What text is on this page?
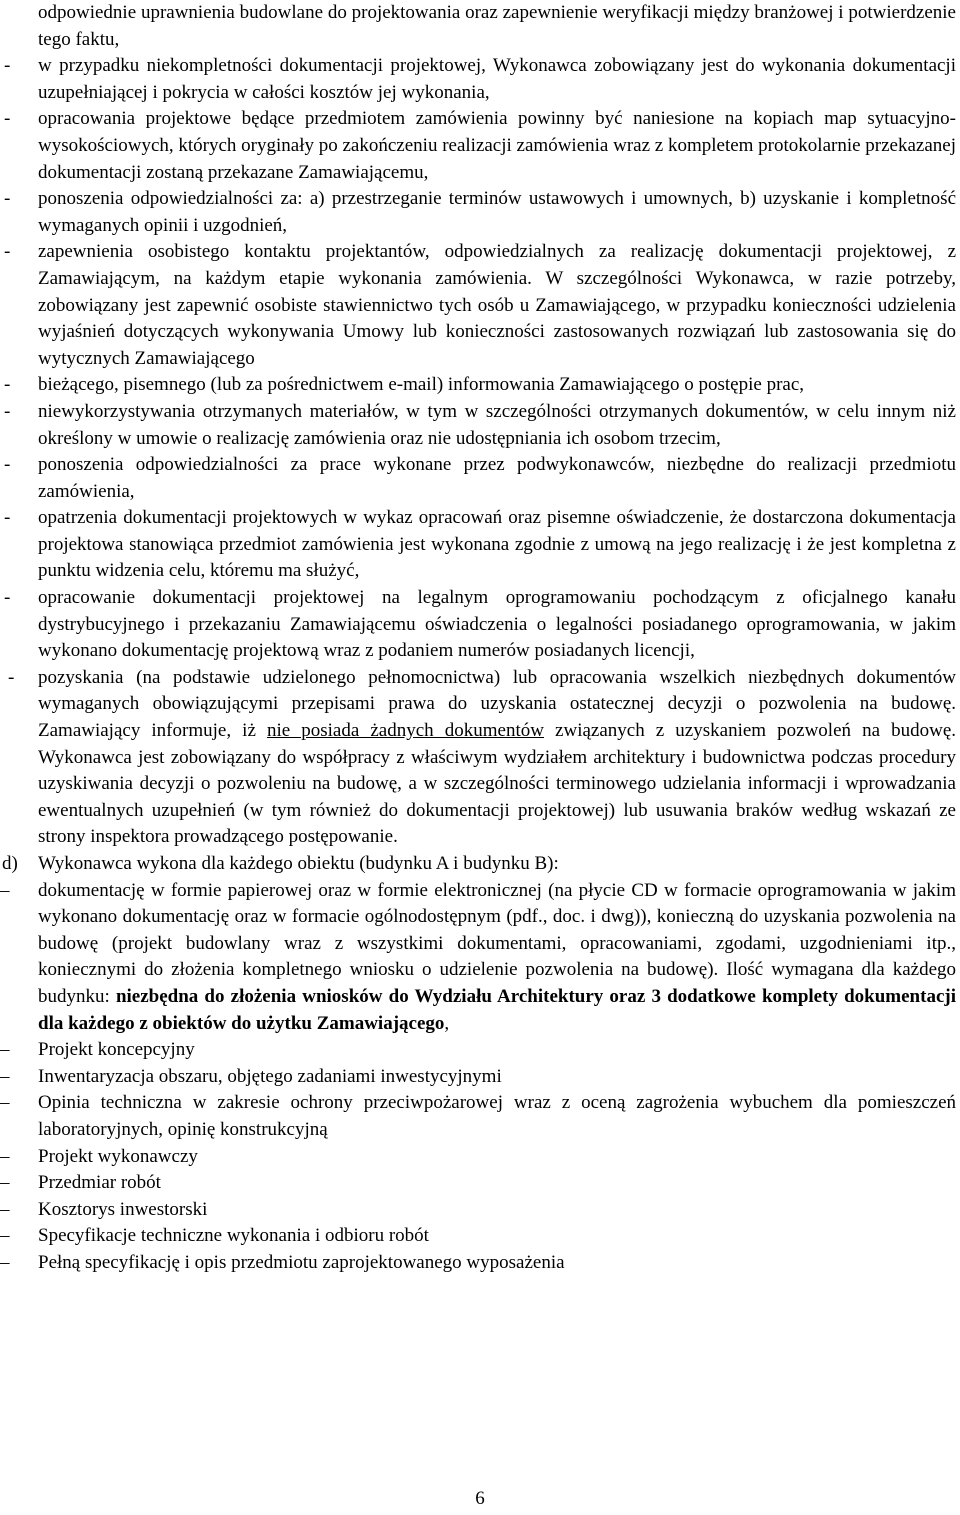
odpowiednie uprawnienia budowlane do projektowania oraz zapewnienie weryfikacji między branżowej i potwierdzenie tego faktu,
- w przypadku niekompletności dokumentacji projektowej, Wykonawca zobowiązany jest do wykonania dokumentacji uzupełniającej i pokrycia w całości kosztów jej wykonania,
- opracowania projektowe będące przedmiotem zamówienia powinny być naniesione na kopiach map sytuacyjno-wysokościowych, których oryginały po zakończeniu realizacji zamówienia wraz z kompletem protokolarnie przekazanej dokumentacji zostaną przekazane Zamawiającemu,
- ponoszenia odpowiedzialności za: a) przestrzeganie terminów ustawowych i umownych, b) uzyskanie i kompletność wymaganych opinii i uzgodnień,
- zapewnienia osobistego kontaktu projektantów, odpowiedzialnych za realizację dokumentacji projektowej, z Zamawiającym, na każdym etapie wykonania zamówienia. W szczególności Wykonawca, w razie potrzeby, zobowiązany jest zapewnić osobiste stawiennictwo tych osób u Zamawiającego, w przypadku konieczności udzielenia wyjaśnień dotyczących wykonywania Umowy lub konieczności zastosowanych rozwiązań lub zastosowania się do wytycznych Zamawiającego
- bieżącego, pisemnego (lub za pośrednictwem e-mail) informowania Zamawiającego o postępie prac,
- niewykorzystywania otrzymanych materiałów, w tym w szczególności otrzymanych dokumentów, w celu innym niż określony w umowie o realizację zamówienia oraz nie udostępniania ich osobom trzecim,
- ponoszenia odpowiedzialności za prace wykonane przez podwykonawców, niezbędne do realizacji przedmiotu zamówienia,
- opatrzenia dokumentacji projektowych w wykaz opracowań oraz pisemne oświadczenie, że dostarczona dokumentacja projektowa stanowiąca przedmiot zamówienia jest wykonana zgodnie z umową na jego realizację i że jest kompletna z punktu widzenia celu, któremu ma służyć,
- opracowanie dokumentacji projektowej na legalnym oprogramowaniu pochodzącym z oficjalnego kanału dystrybucyjnego i przekazaniu Zamawiającemu oświadczenia o legalności posiadanego oprogramowania, w jakim wykonano dokumentację projektową wraz z podaniem numerów posiadanych licencji,
- pozyskania (na podstawie udzielonego pełnomocnictwa) lub opracowania wszelkich niezbędnych dokumentów wymaganych obowiązującymi przepisami prawa do uzyskania ostatecznej decyzji o pozwolenia na budowę. Zamawiający informuje, iż nie posiada żadnych dokumentów związanych z uzyskaniem pozwoleń na budowę. Wykonawca jest zobowiązany do współpracy z właściwym wydziałem architektury i budownictwa podczas procedury uzyskiwania decyzji o pozwoleniu na budowę, a w szczególności terminowego udzielania informacji i wprowadzania ewentualnych uzupełnień (w tym również do dokumentacji projektowej) lub usuwania braków według wskazań ze strony inspektora prowadzącego postępowanie.
d) Wykonawca wykona dla każdego obiektu (budynku A i budynku B):
– dokumentację w formie papierowej oraz w formie elektronicznej (na płycie CD w formacie oprogramowania w jakim wykonano dokumentację oraz w formacie ogólnodostępnym (pdf., doc. i dwg)), konieczną do uzyskania pozwolenia na budowę (projekt budowlany wraz z wszystkimi dokumentami, opracowaniami, zgodami, uzgodnieniami itp., koniecznymi do złożenia kompletnego wniosku o udzielenie pozwolenia na budowę). Ilość wymagana dla każdego budynku: niezbędna do złożenia wniosków do Wydziału Architektury oraz 3 dodatkowe komplety dokumentacji dla każdego z obiektów do użytku Zamawiającego,
– Projekt koncepcyjny
– Inwentaryzacja obszaru, objętego zadaniami inwestycyjnymi
– Opinia techniczna w zakresie ochrony przeciwpożarowej wraz z oceną zagrożenia wybuchem dla pomieszczeń laboratoryjnych, opinię konstrukcyjną
– Projekt wykonawczy
– Przedmiar robót
– Kosztorys inwestorski
– Specyfikacje techniczne wykonania i odbioru robót
– Pełną specyfikację i opis przedmiotu zaprojektowanego wyposażenia
6
